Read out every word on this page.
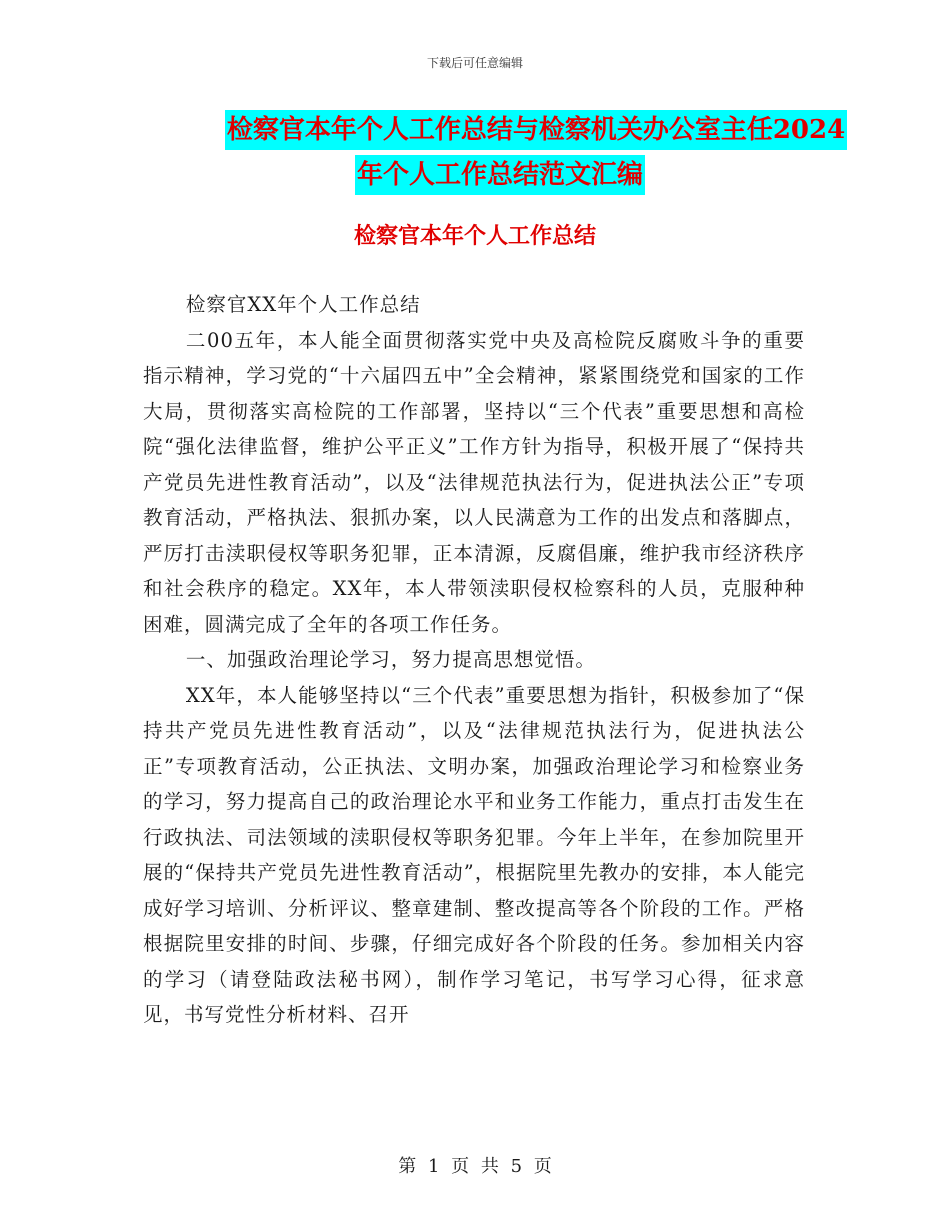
下载后可任意编辑
检察官本年个人工作总结与检察机关办公室主任2024
年个人工作总结范文汇编
检察官本年个人工作总结

检察官XX年个人工作总结

二00五年，本人能全面贯彻落实党中央及高检院反腐败斗争的重要指示精神，学习党的“十六届四五中”全会精神，紧紧围绕党和国家的工作大局，贯彻落实高检院的工作部署，坚持以“三个代表”重要思想和高检院“强化法律监督，维护公平正义”工作方针为指导，积极开展了“保持共产党员先进性教育活动”，以及“法律规范执法行为，促进执法公正”专项教育活动，严格执法、狠抓办案，以人民满意为工作的出发点和落脚点，严厉打击渎职侵权等职务犯罪，正本清源，反腐倡廉，维护我市经济秩序和社会秩序的稳定。XX年，本人带领渎职侵权检察科的人员，克服种种困难，圆满完成了全年的各项工作任务。

一、加强政治理论学习，努力提高思想觉悟。

XX年，本人能够坚持以“三个代表”重要思想为指针，积极参加了“保持共产党员先进性教育活动”，以及“法律规范执法行为，促进执法公正”专项教育活动，公正执法、文明办案，加强政治理论学习和检察业务的学习，努力提高自己的政治理论水平和业务工作能力，重点打击发生在行政执法、司法领域的渎职侵权等职务犯罪。今年上半年，在参加院里开展的“保持共产党员先进性教育活动”，根据院里先教办的安排，本人能完成好学习培训、分析评议、整章建制、整改提高等各个阶段的工作。严格根据院里安排的时间、步骤，仔细完成好各个阶段的任务。参加相关内容的学习（请登陆政法秘书网），制作学习笔记，书写学习心得，征求意见，书写党性分析材料、召开

第 1 页 共 5 页
